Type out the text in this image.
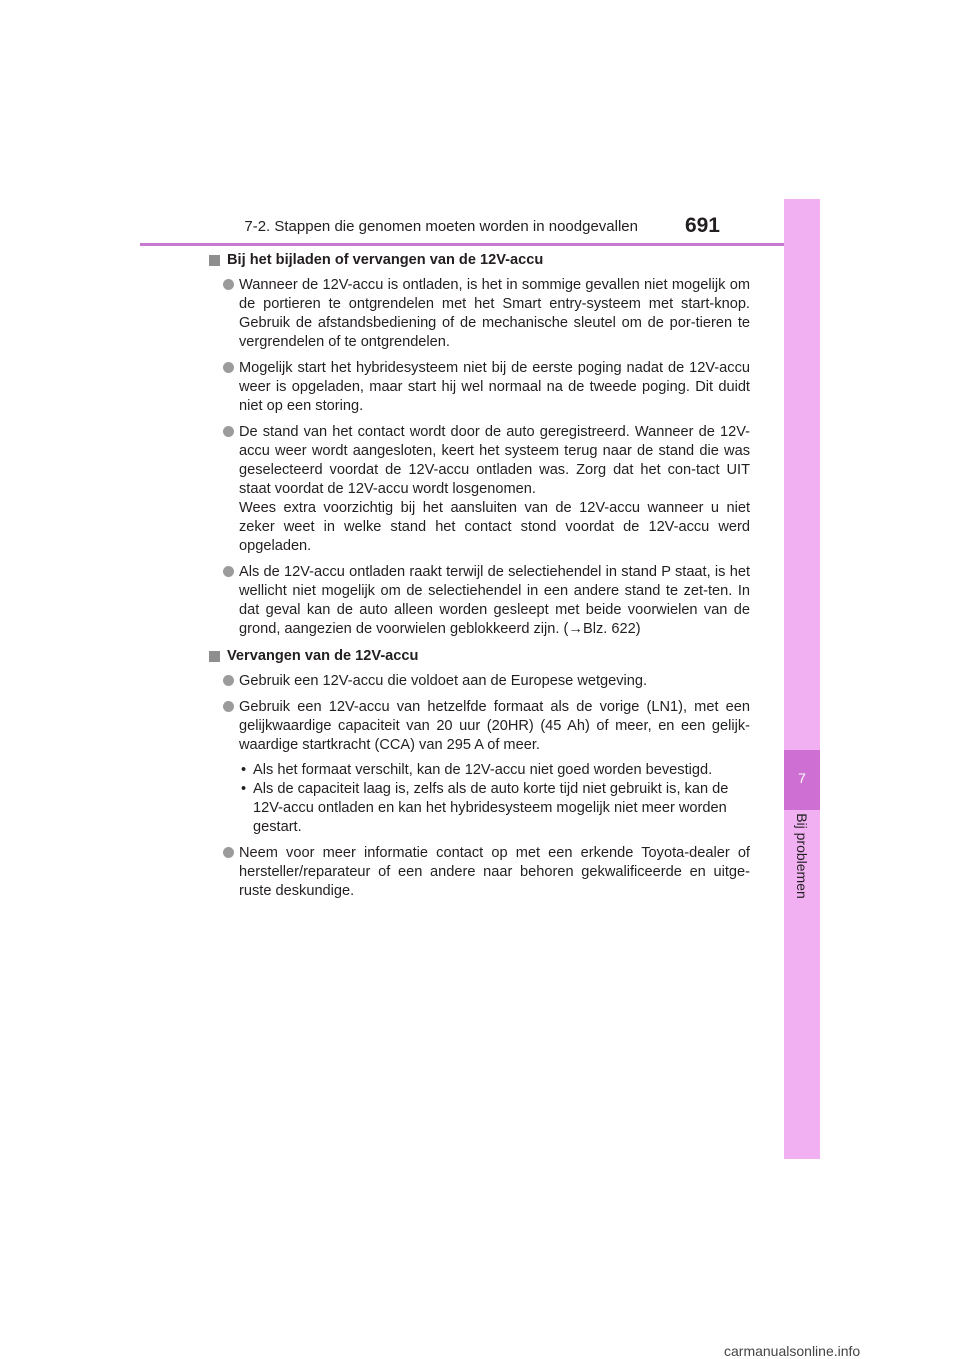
7-2. Stappen die genomen moeten worden in noodgevallen 691
7
Bij problemen
Bij het bijladen of vervangen van de 12V-accu

Wanneer de 12V-accu is ontladen, is het in sommige gevallen niet mogelijk om de portieren te ontgrendelen met het Smart entry-systeem met start-knop. Gebruik de afstandsbediening of de mechanische sleutel om de por-tieren te vergrendelen of te ontgrendelen.

Mogelijk start het hybridesysteem niet bij de eerste poging nadat de 12V-accu weer is opgeladen, maar start hij wel normaal na de tweede poging. Dit duidt niet op een storing.

De stand van het contact wordt door de auto geregistreerd. Wanneer de 12V-accu weer wordt aangesloten, keert het systeem terug naar de stand die was geselecteerd voordat de 12V-accu ontladen was. Zorg dat het con-tact UIT staat voordat de 12V-accu wordt losgenomen.

Wees extra voorzichtig bij het aansluiten van de 12V-accu wanneer u niet zeker weet in welke stand het contact stond voordat de 12V-accu werd opgeladen.

Als de 12V-accu ontladen raakt terwijl de selectiehendel in stand P staat, is het wellicht niet mogelijk om de selectiehendel in een andere stand te zet-ten. In dat geval kan de auto alleen worden gesleept met beide voorwielen van de grond, aangezien de voorwielen geblokkeerd zijn. (→Blz. 622)

Vervangen van de 12V-accu

Gebruik een 12V-accu die voldoet aan de Europese wetgeving.

Gebruik een 12V-accu van hetzelfde formaat als de vorige (LN1), met een gelijkwaardige capaciteit van 20 uur (20HR) (45 Ah) of meer, en een gelijk-waardige startkracht (CCA) van 295 A of meer.

• Als het formaat verschilt, kan de 12V-accu niet goed worden bevestigd.
• Als de capaciteit laag is, zelfs als de auto korte tijd niet gebruikt is, kan de 12V-accu ontladen en kan het hybridesysteem mogelijk niet meer worden gestart.

Neem voor meer informatie contact op met een erkende Toyota-dealer of hersteller/reparateur of een andere naar behoren gekwalificeerde en uitge-ruste deskundige.

carmanualsonline.info
